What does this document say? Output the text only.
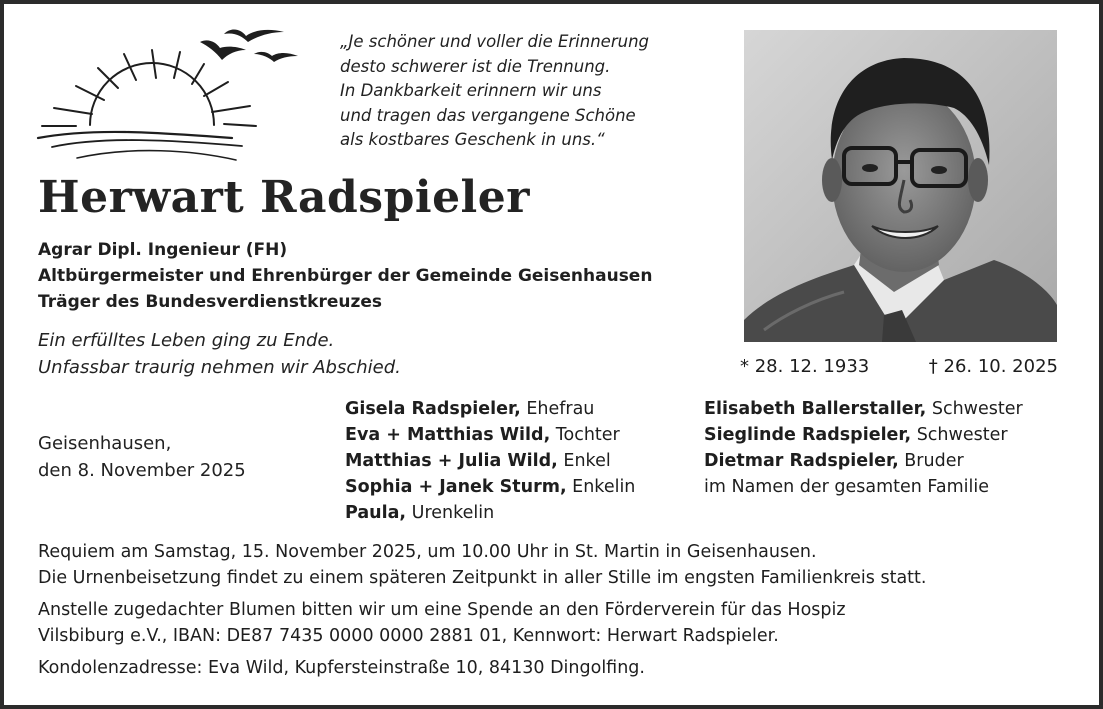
„Je schöner und voller die Erinnerung
desto schwerer ist die Trennung.
In Dankbarkeit erinnern wir uns
und tragen das vergangene Schöne
als kostbares Geschenk in uns.“
Herwart Radspieler
Agrar Dipl. Ingenieur (FH)
Altbürgermeister und Ehrenbürger der Gemeinde Geisenhausen
Träger des Bundesverdienstkreuzes
Ein erfülltes Leben ging zu Ende.
Unfassbar traurig nehmen wir Abschied.	* 28. 12. 1933	† 26. 10. 2025
Geisenhausen,
den 8. November 2025
Gisela Radspieler, Ehefrau
Eva + Matthias Wild, Tochter
Matthias + Julia Wild, Enkel
Sophia + Janek Sturm, Enkelin
Paula, Urenkelin
Elisabeth Ballerstaller, Schwester
Sieglinde Radspieler, Schwester
Dietmar Radspieler, Bruder
im Namen der gesamten Familie

Requiem am Samstag, 15. November 2025, um 10.00 Uhr in St. Martin in Geisenhausen.
Die Urnenbeisetzung findet zu einem späteren Zeitpunkt in aller Stille im engsten Familienkreis statt.

Anstelle zugedachter Blumen bitten wir um eine Spende an den Förderverein für das Hospiz
Vilsbiburg e.V., IBAN: DE87 7435 0000 0000 2881 01, Kennwort: Herwart Radspieler.

Kondolenzadresse: Eva Wild, Kupfersteinstraße 10, 84130 Dingolfing.
